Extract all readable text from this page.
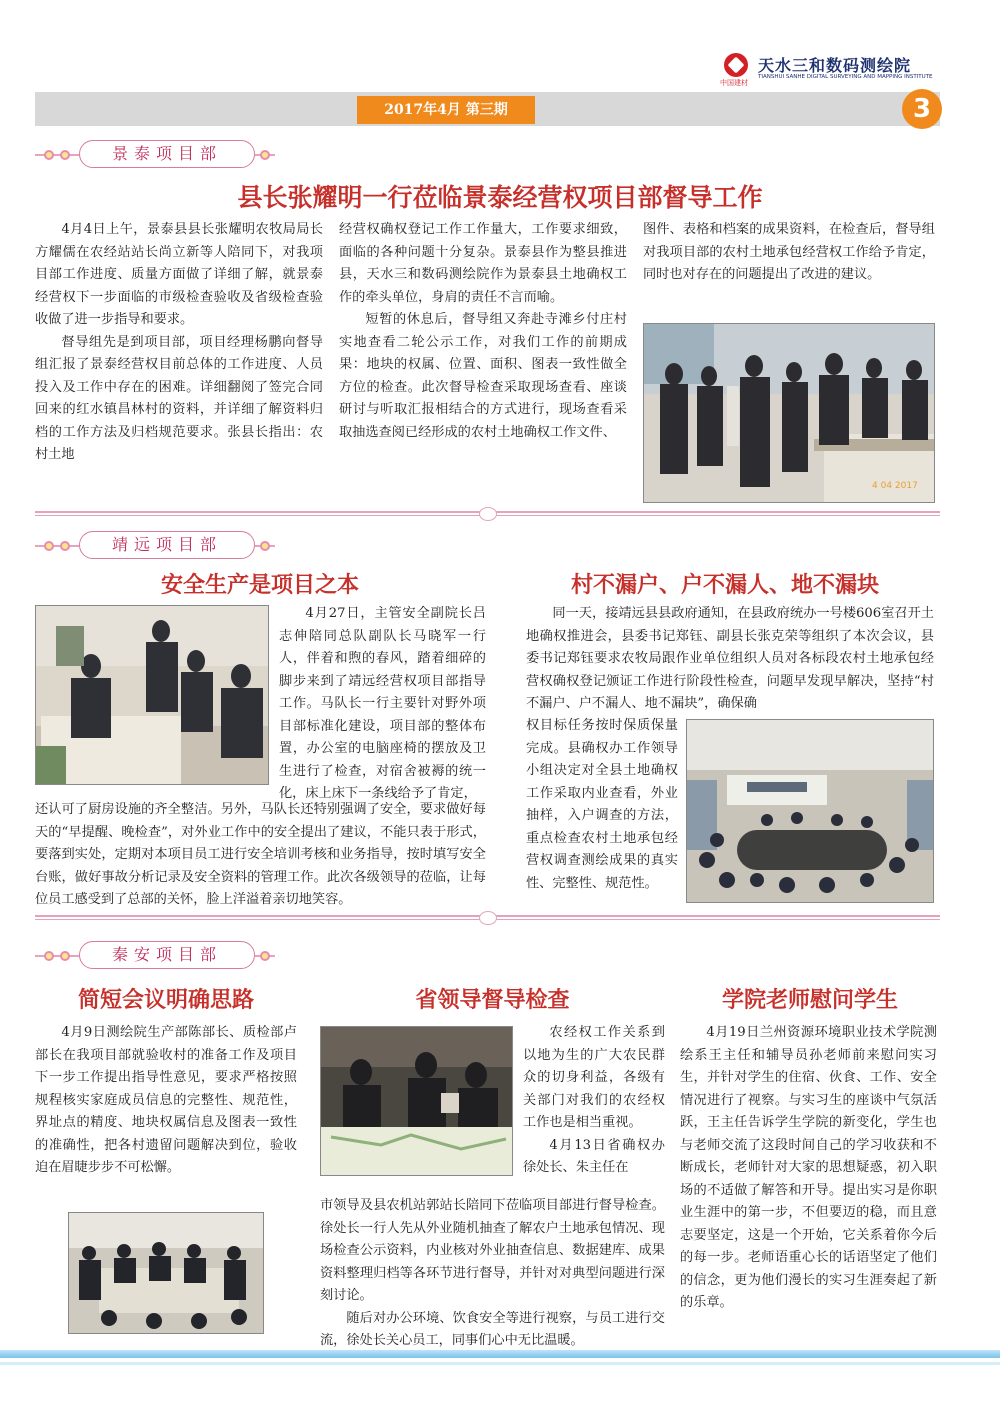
中国建材
天水三和数码测绘院
TIANSHUI SANHE DIGITAL SURVEYING AND MAPPING INSTITUTE
2017年4月 第三期	3
景泰项目部
县长张耀明一行莅临景泰经营权项目部督导工作

4月4日上午，景泰县县长张耀明农牧局局长方耀儒在农经站站长尚立新等人陪同下，对我项目部工作进度、质量方面做了详细了解，就景泰经营权下一步面临的市级检查验收及省级检查验收做了进一步指导和要求。

督导组先是到项目部，项目经理杨鹏向督导组汇报了景泰经营权目前总体的工作进度、人员投入及工作中存在的困难。详细翻阅了签完合同回来的红水镇昌林村的资料，并详细了解资料归档的工作方法及归档规范要求。张县长指出：农村土地

经营权确权登记工作工作量大，工作要求细致，面临的各种问题十分复杂。景泰县作为整县推进县，天水三和数码测绘院作为景泰县土地确权工作的牵头单位，身肩的责任不言而喻。

短暂的休息后，督导组又奔赴寺滩乡付庄村实地查看二轮公示工作，对我们工作的前期成果：地块的权属、位置、面积、图表一致性做全方位的检查。此次督导检查采取现场查看、座谈研讨与听取汇报相结合的方式进行，现场查看采取抽选查阅已经形成的农村土地确权工作文件、

图件、表格和档案的成果资料，在检查后，督导组对我项目部的农村土地承包经营权工作给予肯定，同时也对存在的问题提出了改进的建议。

4 04 2017
靖远项目部
安全生产是项目之本	村不漏户、户不漏人、地不漏块

4月27日，主管安全副院长吕志伸陪同总队副队长马晓军一行人，伴着和煦的春风，踏着细碎的脚步来到了靖远经营权项目部指导工作。马队长一行主要针对野外项目部标准化建设，项目部的整体布置，办公室的电脑座椅的摆放及卫生进行了检查，对宿舍被褥的统一化，床上床下一条线给予了肯定，

还认可了厨房设施的齐全整洁。另外，马队长还特别强调了安全，要求做好每天的“早提醒、晚检查”，对外业工作中的安全提出了建议，不能只表于形式，要落到实处，定期对本项目员工进行安全培训考核和业务指导，按时填写安全台账，做好事故分析记录及安全资料的管理工作。此次各级领导的莅临，让每位员工感受到了总部的关怀，脸上洋溢着亲切地笑容。

同一天，接靖远县县政府通知，在县政府统办一号楼606室召开土地确权推进会，县委书记郑钰、副县长张克荣等组织了本次会议，县委书记郑钰要求农牧局跟作业单位组织人员对各标段农村土地承包经营权确权登记颁证工作进行阶段性检查，问题早发现早解决，坚持“村不漏户、户不漏人、地不漏块”，确保确

权目标任务按时保质保量完成。县确权办工作领导小组决定对全县土地确权工作采取内业查看，外业抽样，入户调查的方法，重点检查农村土地承包经营权调查测绘成果的真实性、完整性、规范性。

秦安项目部
简短会议明确思路	省领导督导检查	学院老师慰问学生

4月9日测绘院生产部陈部长、质检部卢部长在我项目部就验收村的准备工作及项目下一步工作提出指导性意见，要求严格按照规程核实家庭成员信息的完整性、规范性，界址点的精度、地块权属信息及图表一致性的准确性，把各村遗留问题解决到位，验收迫在眉睫步步不可松懈。

农经权工作关系到以地为生的广大农民群众的切身利益，各级有关部门对我们的农经权工作也是相当重视。

4月13日省确权办徐处长、朱主任在

市领导及县农机站郭站长陪同下莅临项目部进行督导检查。徐处长一行人先从外业随机抽查了解农户土地承包情况、现场检查公示资料，内业核对外业抽查信息、数据建库、成果资料整理归档等各环节进行督导，并针对对典型问题进行深刻讨论。

随后对办公环境、饮食安全等进行视察，与员工进行交流，徐处长关心员工，同事们心中无比温暖。

4月19日兰州资源环境职业技术学院测绘系王主任和辅导员孙老师前来慰问实习生，并针对学生的住宿、伙食、工作、安全情况进行了视察。与实习生的座谈中气氛活跃，王主任告诉学生学院的新变化，学生也与老师交流了这段时间自己的学习收获和不断成长，老师针对大家的思想疑惑，初入职场的不适做了解答和开导。提出实习是你职业生涯中的第一步，不但要迈的稳，而且意志要坚定，这是一个开始，它关系着你今后的每一步。老师语重心长的话语坚定了他们的信念，更为他们漫长的实习生涯奏起了新的乐章。
